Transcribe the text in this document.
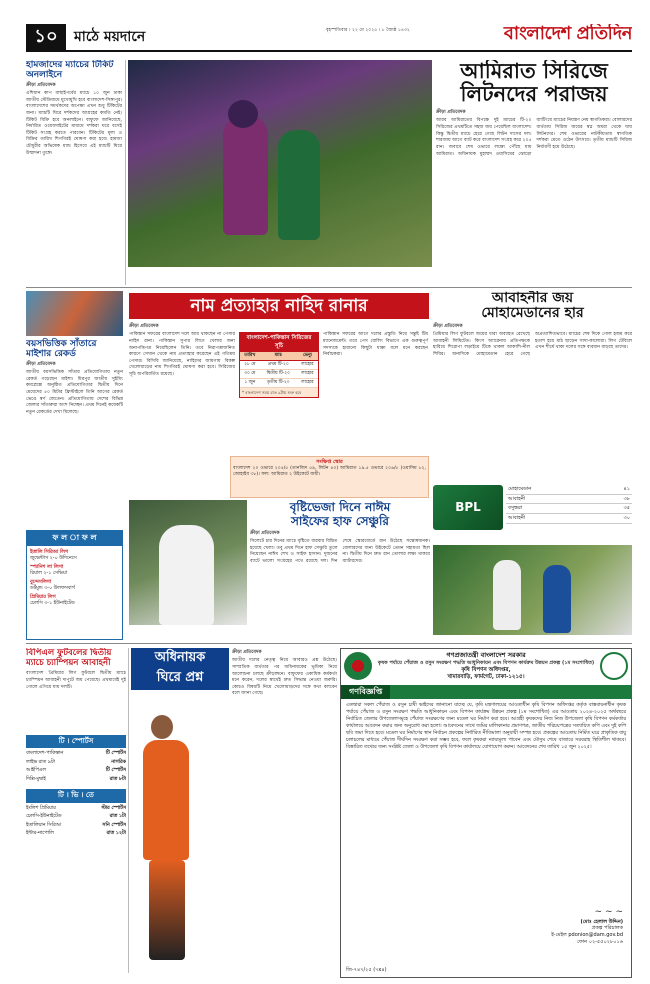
১০	মাঠে ময়দানে	বৃহস্পতিবার । ২২ মে ২০২৫ । ৮ জ্যৈষ্ঠ ১৪৩২	বাংলাদেশ প্রতিদিন
হামজাদের ম্যাচের টিকিট অনলাইনে
ক্রীড়া প্রতিবেদক
এশিয়ান কাপ বাছাইপর্বের ম্যাচে ১০ জুন ঢাকা জাতীয় স্টেডিয়ামে মুখোমুখি হবে বাংলাদেশ-সিঙ্গাপুর। বাংলাদেশের সমর্থকদের অপেক্ষা এখন শুধু টিকিটের জন্য। ম্যাচটি ঘিরে দর্শকদের আগ্রহের কমতি নেই। টিকিট বিক্রি হবে অনলাইনে। বাফুফে জানিয়েছে, নির্ধারিত ওয়েবসাইটের মাধ্যমে দর্শকরা ঘরে বসেই টিকিট সংগ্রহ করতে পারবেন। টিকিটের মূল্য ও বিক্রির তারিখ শিগগিরই ঘোষণা করা হবে। হামজা চৌধুরীর অভিষেক ম্যাচ হিসেবে এই ম্যাচটি ঘিরে উন্মাদনা তুঙ্গে।
আমিরাত সিরিজে
লিটনদের পরাজয়
ক্রীড়া প্রতিবেদক
আরব আমিরাতের বিপক্ষে দুই ম্যাচের টি-২০ সিরিজের প্রথমটিতে সহজ জয় পেয়েছিল বাংলাদেশ। কিন্তু দ্বিতীয় ম্যাচে হেরে গেছে লিটন দাসের দল। শারজায় আগে ব্যাট করে বাংলাদেশ সংগ্রহ করে ২০৫ রান। জবাবে শেষ ওভারে লক্ষ্যে পৌঁছে যায় আমিরাত। অধিনায়ক মুহাম্মদ ওয়াসিমের ঝোড়ো ব্যাটিংয়ে ম্যাচের নিয়ন্ত্রণ নেয় স্বাগতিকরা। বোলারদের ব্যর্থতায় সিরিজ জয়ের স্বপ্ন অধরা থেকে যায় লিটনদের। শেষ ওভারের নাটকীয়তায় স্বাগতিক দর্শকরা মেতে ওঠেন উৎসবে। তৃতীয় ম্যাচটি সিরিজ নির্ধারণী হয়ে উঠেছে।
বয়সভিত্তিক সাঁতারে মাইশার রেকর্ড
ক্রীড়া প্রতিবেদক
জাতীয় বয়সভিত্তিক সাঁতার প্রতিযোগিতায় নতুন রেকর্ড গড়েছেন মাইশা। মিরপুর জাতীয় সুইমিং কমপ্লেক্সে অনুষ্ঠিত প্রতিযোগিতার দ্বিতীয় দিনে মেয়েদের ৫০ মিটার ফ্রিস্টাইলে তিনি আগের রেকর্ড ভেঙে স্বর্ণ জেতেন। প্রতিযোগিতায় দেশের বিভিন্ন জেলার সাঁতারুরা অংশ নিচ্ছেন। প্রথম দিনেই কয়েকটি নতুন রেকর্ডের দেখা মিলেছে।
নাম প্রত্যাহার নাহিদ রানার
ক্রীড়া প্রতিবেদক
পাকিস্তান সফরের বাংলাদেশ দলে আর থাকছেন না পেসার নাহিদ রানা। পাকিস্তান সুপার লিগে খেলার জন্য অনাপত্তিপত্র নিয়েছিলেন তিনি। তবে নিরাপত্তাজনিত কারণে সেখান থেকে নাম প্রত্যাহার করেছেন এই গতিময় পেসার। বিসিবি জানিয়েছে, নাহিদের জায়গায় বিকল্প খেলোয়াড়ের নাম শিগগিরই ঘোষণা করা হবে। সিরিজের সূচি অপরিবর্তিত রয়েছে।
বাংলাদেশ-পাকিস্তান সিরিজের সূচি
তারিখ	ম্যাচ	ভেন্যু
২৮ মে	প্রথম টি-২০	লাহোর
৩০ মে	দ্বিতীয় টি-২০	লাহোর
১ জুন	তৃতীয় টি-২০	লাহোর
* বাংলাদেশ সময় রাত ৯টায় শুরু হবে
পাকিস্তান সফরের আগে দলের প্রস্তুতি নিয়ে সন্তুষ্ট টিম ম্যানেজমেন্ট। তবে পেস বোলিং বিভাগে এক গুরুত্বপূর্ণ সদস্যকে হারানো কিছুটা ধাক্কা বলে মনে করছেন নির্বাচকরা।
সংক্ষিপ্ত স্কোর
বাংলাদেশ ২০ ওভারে ২০৫/৫ (তানজিদ ৫৯, লিটন ৪০) আমিরাত ১৯.৫ ওভারে ২০৬/৮ (ওয়াসিম ৮২, জোহাইব ৩৮)। ফল: আমিরাত ২ উইকেটে জয়ী।
আবাহনীর জয়
মোহামেডানের হার
ক্রীড়া প্রতিবেদক
প্রিমিয়ার লিগ ফুটবলে জয়ের ধারা অব্যাহত রেখেছে আবাহনী লিমিটেড। কিংস অ্যারেনায় প্রতিপক্ষকে হারিয়ে শিরোপা লড়াইয়ে টিকে থাকল আকাশি-নীল শিবির। অন্যদিকে মোহামেডান হেরে গেছে অপ্রত্যাশিতভাবে। ম্যাচের শেষ দিকে গোল হজম করে হতাশ হয়ে মাঠ ছাড়েন সাদা-কালোরা। লিগ টেবিলে এখন শীর্ষে থাকা দলের সঙ্গে ব্যবধান বাড়ছে তাদের।
BPL
মোহামেডান	৪১
আবাহনী	৩৮
বসুন্ধরা	৩৫
আবাহনী	৩০
বৃষ্টিভেজা দিনে নাঈম
সাইফের হাফ সেঞ্চুরি
ক্রীড়া প্রতিবেদক
সিলেটে চার দিনের ম্যাচে বৃষ্টিতে বারবার বিঘ্নিত হয়েছে খেলা। তবু প্রথম দিনে হাফ সেঞ্চুরি তুলে নিয়েছেন নাঈম শেখ ও সাইফ হাসান। দুজনের ব্যাটে ভালো সংগ্রহের পথে রয়েছে দল। দিন শেষে স্কোরবোর্ডে রান উঠেছে সন্তোষজনক। বোলারদের জন্য উইকেটে তেমন সহায়তা ছিল না। দ্বিতীয় দিনে দ্রুত রান তোলার লক্ষ্য থাকবে ব্যাটারদের।
ফ ল া ফ ল
ইতালি সিরিআ লিগ
জুভেন্টাস ২-০ উদিনেসে
স্প্যানিশ লা লিগা
রিয়াল ২-১ সেভিয়া
বুন্দেসলিগা
ডর্টমুন্ড ৩-০ উলফসবার্গ
প্রিমিয়ার লিগ
চেলসি ৩-১ ইউনাইটেড
বিপিএল ফুটবলের দ্বিতীয় ম্যাচে চ্যাম্পিয়ন আবাহনী
বাংলাদেশ প্রিমিয়ার লিগ ফুটবলে দ্বিতীয় ম্যাচে চ্যাম্পিয়ন আবাহনী দাপুটে জয় পেয়েছে। প্রথমার্ধেই দুই গোলে এগিয়ে যায় দলটি।
টি । স্পোর্টস
বাংলাদেশ-পাকিস্তান	টি স্পোর্টস
লাইভ রাত ৯টা	নাগরিক
আইপিএল	টি স্পোর্টস
দিল্লি-মুম্বাই	রাত ৮টা
টি । ভি । তে
ইংলিশ প্রিমিয়ার	স্টার স্পোর্টস
চেলসি-ইউনাইটেড	রাত ১টা
ইতালিয়ান সিরিআ	সনি স্পোর্টস
ইন্টার-নাপোলি	রাত ১২টা
অধিনায়ক
ঘিরে প্রশ্ন
ক্রীড়া প্রতিবেদক
জাতীয় দলের নেতৃত্ব নিয়ে আবারও প্রশ্ন উঠেছে। সাম্প্রতিক ব্যর্থতার পর অধিনায়কের ভূমিকা নিয়ে আলোচনা চলছে ক্রীড়াঙ্গনে। বাফুফের একাধিক কর্মকর্তা মনে করেন, দলের স্বার্থেই দ্রুত সিদ্ধান্ত নেওয়া জরুরি। কোচও বিষয়টি নিয়ে খেলোয়াড়দের সঙ্গে কথা বলবেন বলে জানা গেছে।
গণপ্রজাতন্ত্রী বাংলাদেশ সরকার
কৃষক পর্যায়ে পেঁয়াজ ও রসুন সংরক্ষণ পদ্ধতি আধুনিকায়ন এবং বিপণন কার্যক্রম উন্নয়ন প্রকল্প (১ম সংশোধিত)
কৃষি বিপণন অধিদপ্তর,
খামারবাড়ি, ফার্মগেট, ঢাকা-১২১৫।
গণবিজ্ঞপ্তি
এতদ্বারা সকল পেঁয়াজ ও রসুন চাষী ভাইদের জানানো যাচ্ছে যে, কৃষি মন্ত্রণালয়ের আওতাধীন কৃষি বিপণন অধিদপ্তর কর্তৃক বাস্তবায়নাধীন কৃষক পর্যায়ে পেঁয়াজ ও রসুন সংরক্ষণ পদ্ধতি আধুনিকায়ন এবং বিপণন কার্যক্রম উন্নয়ন প্রকল্প (১ম সংশোধিত) এর আওতায় ২০২৪-২০২৫ অর্থবছরে নির্বাচিত জেলার উপজেলাসমূহে পেঁয়াজ সংরক্ষণের জন্য মডেল ঘর নির্মাণ করা হবে। আগ্রহী কৃষকদের নিজ নিজ উপজেলা কৃষি বিপণন কর্মকর্তার কার্যালয়ে আবেদন করার জন্য অনুরোধ করা হলো। আবেদনের সাথে জমির মালিকানার প্রমাণপত্র, জাতীয় পরিচয়পত্রের সত্যায়িত কপি এবং দুই কপি ছবি জমা দিতে হবে। মডেল ঘর নির্মাণের স্থান নির্বাচন প্রকল্পের নির্ধারিত নীতিমালা অনুযায়ী সম্পন্ন হবে। প্রকল্পের আওতায় নির্মিত ঘরে প্রাকৃতিক বায়ু চলাচলের মাধ্যমে পেঁয়াজ দীর্ঘদিন সংরক্ষণ করা সম্ভব হবে, ফলে কৃষকরা ন্যায্যমূল্য পাবেন এবং মৌসুম শেষে বাজারে সরবরাহ স্থিতিশীল থাকবে। বিস্তারিত তথ্যের জন্য সংশ্লিষ্ট জেলা ও উপজেলা কৃষি বিপণন কার্যালয়ে যোগাযোগ করুন। আবেদনের শেষ তারিখ ১৫ জুন ২০২৫।
~ ~ ~
(মোঃ হেলাল উদ্দিন)
প্রকল্প পরিচালক
ই-মেইল pdonion@dam.gov.bd
ফোন ০২-৫৫০২৮০১৬
জি-৭৪৭/২৫ (৭x৪)
